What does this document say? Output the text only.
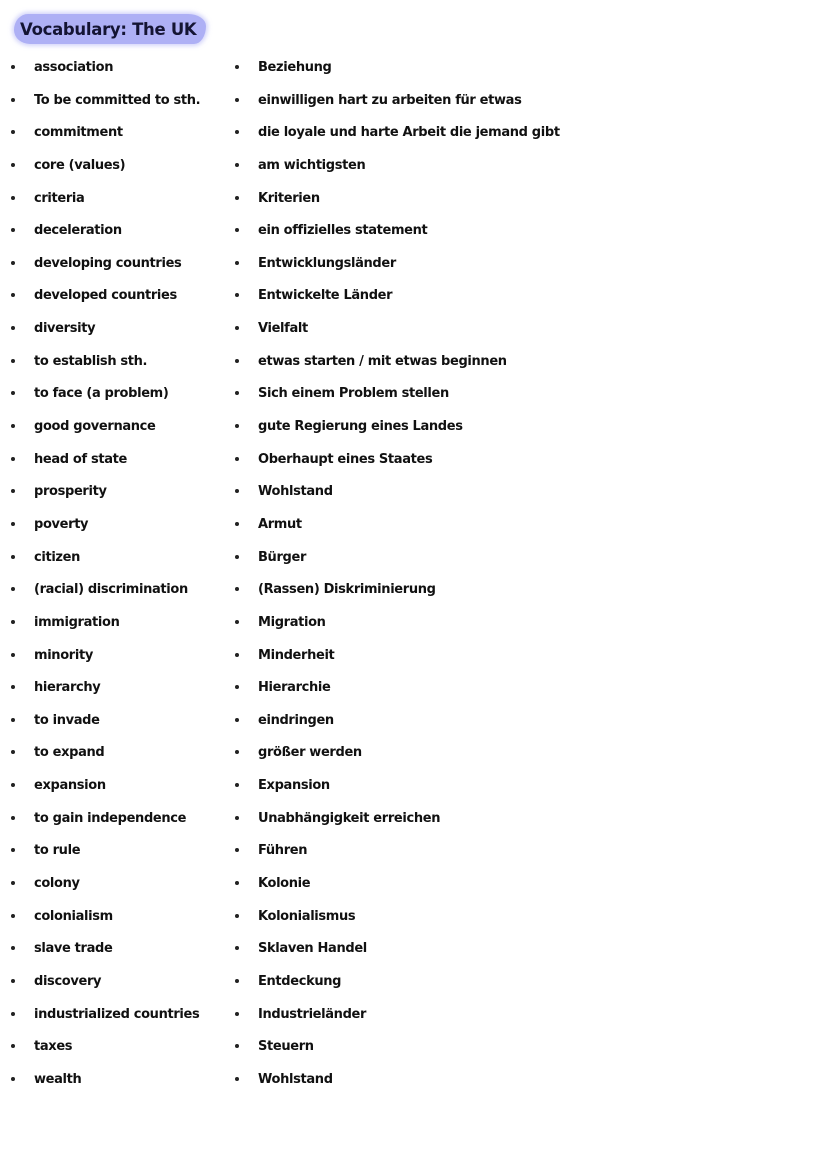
Vocabulary: The UK
association	Beziehung
To be committed to sth.	einwilligen hart zu arbeiten für etwas
commitment	die loyale und harte Arbeit die jemand gibt
core (values)	am wichtigsten
criteria	Kriterien
deceleration	ein offizielles statement
developing countries	Entwicklungsländer
developed countries	Entwickelte Länder
diversity	Vielfalt
to establish sth.	etwas starten / mit etwas beginnen
to face (a problem)	Sich einem Problem stellen
good governance	gute Regierung eines Landes
head of state	Oberhaupt eines Staates
prosperity	Wohlstand
poverty	Armut
citizen	Bürger
(racial) discrimination	(Rassen) Diskriminierung
immigration	Migration
minority	Minderheit
hierarchy	Hierarchie
to invade	eindringen
to expand	größer werden
expansion	Expansion
to gain independence	Unabhängigkeit erreichen
to rule	Führen
colony	Kolonie
colonialism	Kolonialismus
slave trade	Sklaven Handel
discovery	Entdeckung
industrialized countries	Industrieländer
taxes	Steuern
wealth	Wohlstand
